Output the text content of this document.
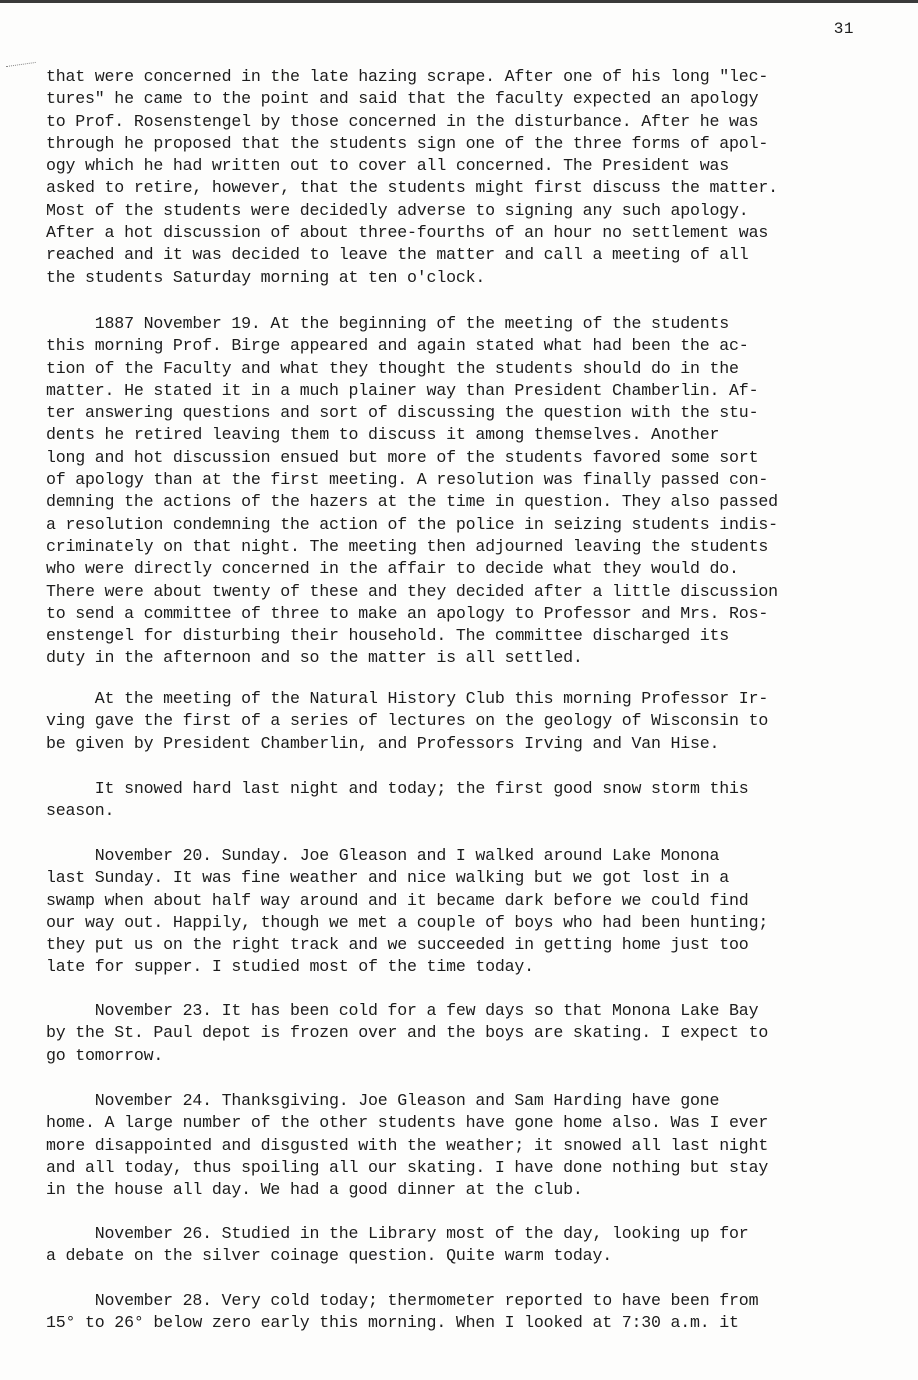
31
that were concerned in the late hazing scrape. After one of his long "lec-
tures" he came to the point and said that the faculty expected an apology
to Prof. Rosenstengel by those concerned in the disturbance. After he was
through he proposed that the students sign one of the three forms of apol-
ogy which he had written out to cover all concerned. The President was
asked to retire, however, that the students might first discuss the matter.
Most of the students were decidedly adverse to signing any such apology.
After a hot discussion of about three-fourths of an hour no settlement was
reached and it was decided to leave the matter and call a meeting of all
the students Saturday morning at ten o'clock.
1887 November 19. At the beginning of the meeting of the students
this morning Prof. Birge appeared and again stated what had been the ac-
tion of the Faculty and what they thought the students should do in the
matter. He stated it in a much plainer way than President Chamberlin. Af-
ter answering questions and sort of discussing the question with the stu-
dents he retired leaving them to discuss it among themselves. Another
long and hot discussion ensued but more of the students favored some sort
of apology than at the first meeting. A resolution was finally passed con-
demning the actions of the hazers at the time in question. They also passed
a resolution condemning the action of the police in seizing students indis-
criminately on that night. The meeting then adjourned leaving the students
who were directly concerned in the affair to decide what they would do.
There were about twenty of these and they decided after a little discussion
to send a committee of three to make an apology to Professor and Mrs. Ros-
enstengel for disturbing their household. The committee discharged its
duty in the afternoon and so the matter is all settled.
At the meeting of the Natural History Club this morning Professor Ir-
ving gave the first of a series of lectures on the geology of Wisconsin to
be given by President Chamberlin, and Professors Irving and Van Hise.
It snowed hard last night and today; the first good snow storm this
season.
November 20. Sunday. Joe Gleason and I walked around Lake Monona
last Sunday. It was fine weather and nice walking but we got lost in a
swamp when about half way around and it became dark before we could find
our way out. Happily, though we met a couple of boys who had been hunting;
they put us on the right track and we succeeded in getting home just too
late for supper. I studied most of the time today.
November 23. It has been cold for a few days so that Monona Lake Bay
by the St. Paul depot is frozen over and the boys are skating. I expect to
go tomorrow.
November 24. Thanksgiving. Joe Gleason and Sam Harding have gone
home. A large number of the other students have gone home also. Was I ever
more disappointed and disgusted with the weather; it snowed all last night
and all today, thus spoiling all our skating. I have done nothing but stay
in the house all day. We had a good dinner at the club.
November 26. Studied in the Library most of the day, looking up for
a debate on the silver coinage question. Quite warm today.
November 28. Very cold today; thermometer reported to have been from
15° to 26° below zero early this morning. When I looked at 7:30 a.m. it
